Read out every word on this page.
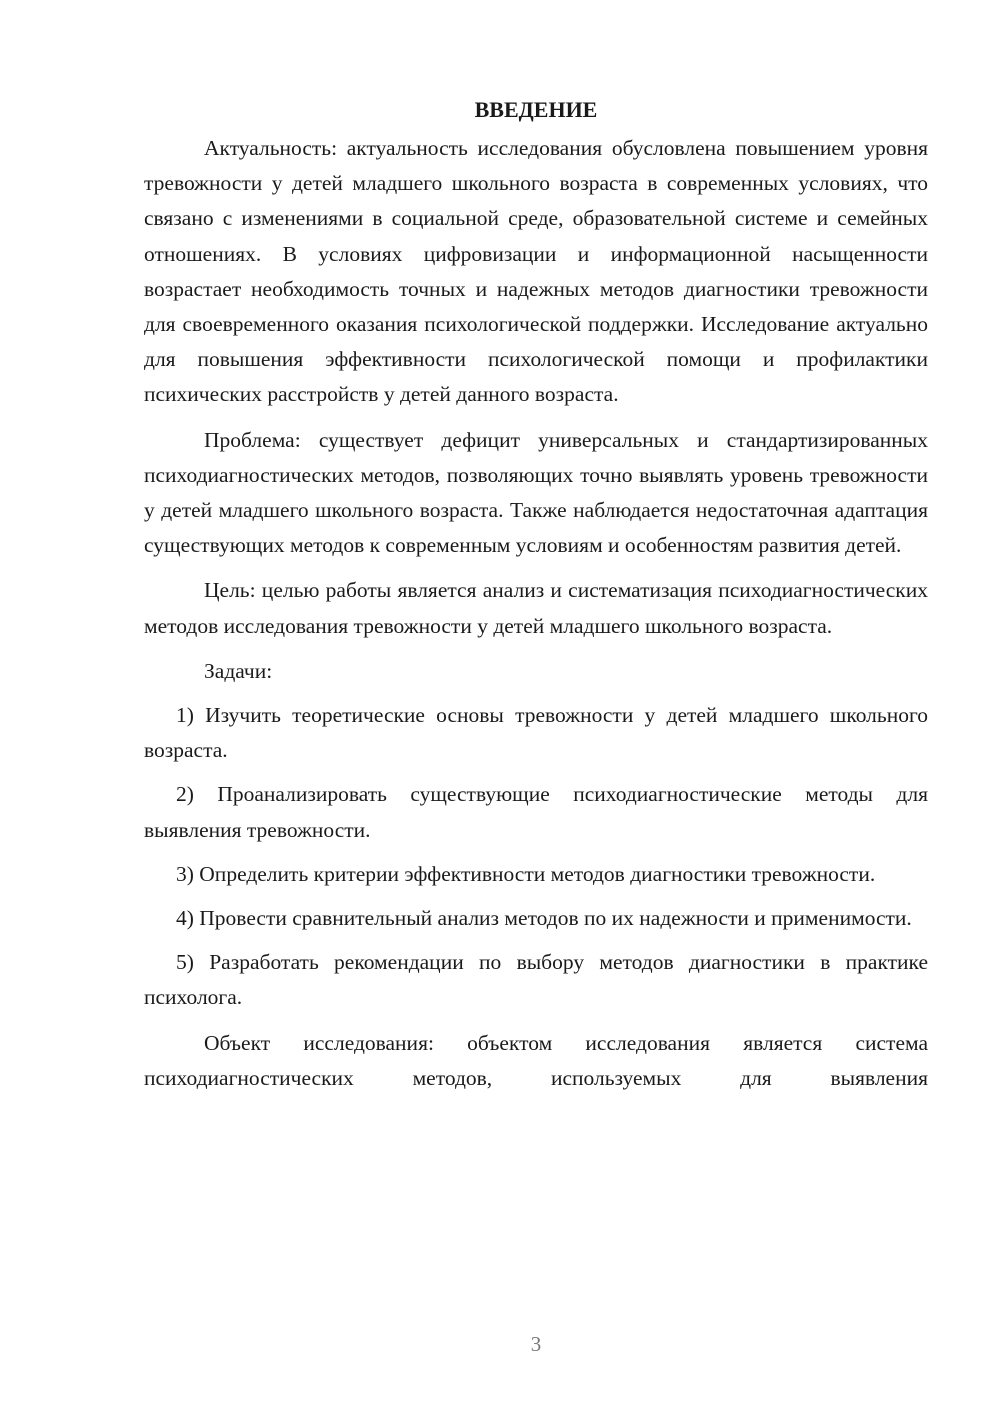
ВВЕДЕНИЕ

Актуальность: актуальность исследования обусловлена повышением уровня тревожности у детей младшего школьного возраста в современных условиях, что связано с изменениями в социальной среде, образовательной системе и семейных отношениях. В условиях цифровизации и информационной насыщенности возрастает необходимость точных и надежных методов диагностики тревожности для своевременного оказания психологической поддержки. Исследование актуально для повышения эффективности психологической помощи и профилактики психических расстройств у детей данного возраста.

Проблема: существует дефицит универсальных и стандартизированных психодиагностических методов, позволяющих точно выявлять уровень тревожности у детей младшего школьного возраста. Также наблюдается недостаточная адаптация существующих методов к современным условиям и особенностям развития детей.

Цель: целью работы является анализ и систематизация психодиагностических методов исследования тревожности у детей младшего школьного возраста.

Задачи:

1) Изучить теоретические основы тревожности у детей младшего школьного возраста.

2) Проанализировать существующие психодиагностические методы для выявления тревожности.

3) Определить критерии эффективности методов диагностики тревожности.

4) Провести сравнительный анализ методов по их надежности и применимости.

5) Разработать рекомендации по выбору методов диагностики в практике психолога.

Объект исследования: объектом исследования является система психодиагностических методов, используемых для выявления

3
